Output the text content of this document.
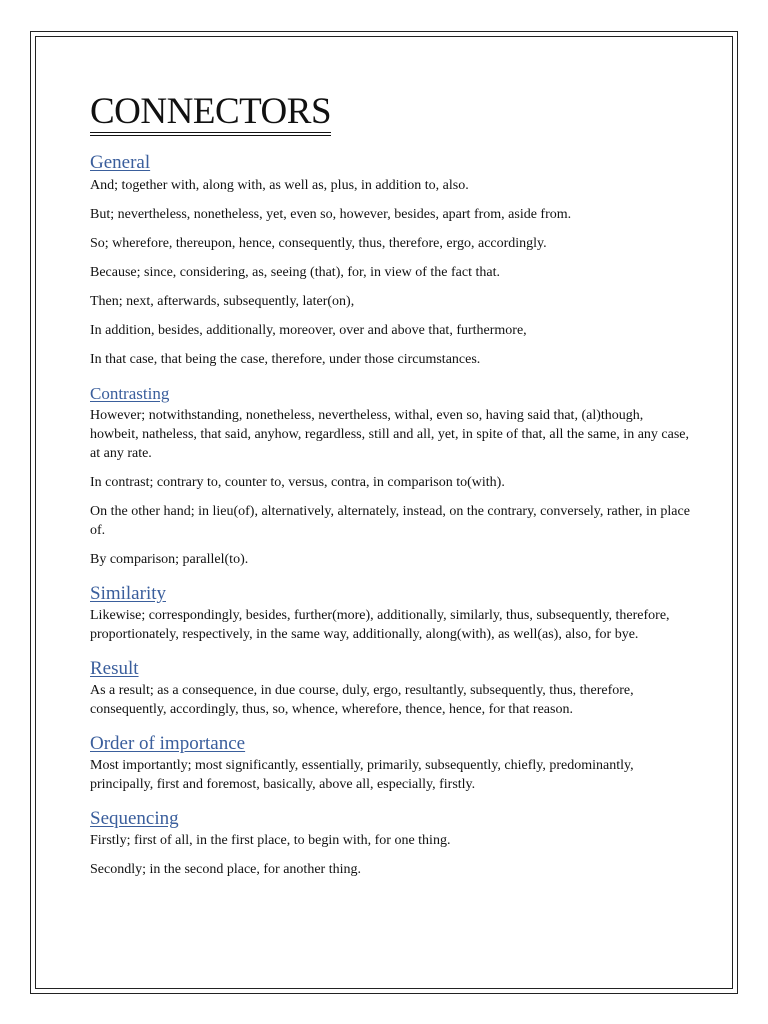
CONNECTORS
General

And; together with, along with, as well as, plus, in addition to, also.

But; nevertheless, nonetheless, yet, even so, however, besides, apart from, aside from.

So; wherefore, thereupon, hence, consequently, thus, therefore, ergo, accordingly.

Because; since, considering, as, seeing (that), for, in view of the fact that.

Then; next, afterwards, subsequently, later(on),

In addition, besides, additionally, moreover, over and above that, furthermore,

In that case, that being the case, therefore, under those circumstances.

Contrasting

However; notwithstanding, nonetheless, nevertheless, withal, even so, having said that, (al)though, howbeit, natheless, that said, anyhow, regardless, still and all, yet, in spite of that, all the same, in any case, at any rate.

In contrast; contrary to, counter to, versus, contra, in comparison to(with).

On the other hand; in lieu(of), alternatively, alternately, instead, on the contrary, conversely, rather, in place of.

By comparison; parallel(to).

Similarity

Likewise; correspondingly, besides, further(more), additionally, similarly, thus, subsequently, therefore, proportionately, respectively, in the same way, additionally, along(with), as well(as), also, for bye.

Result

As a result; as a consequence, in due course, duly, ergo, resultantly, subsequently, thus, therefore, consequently, accordingly, thus, so, whence, wherefore, thence, hence, for that reason.

Order of importance

Most importantly; most significantly, essentially, primarily, subsequently, chiefly, predominantly, principally, first and foremost, basically, above all, especially, firstly.

Sequencing

Firstly; first of all, in the first place, to begin with, for one thing.

Secondly; in the second place, for another thing.
